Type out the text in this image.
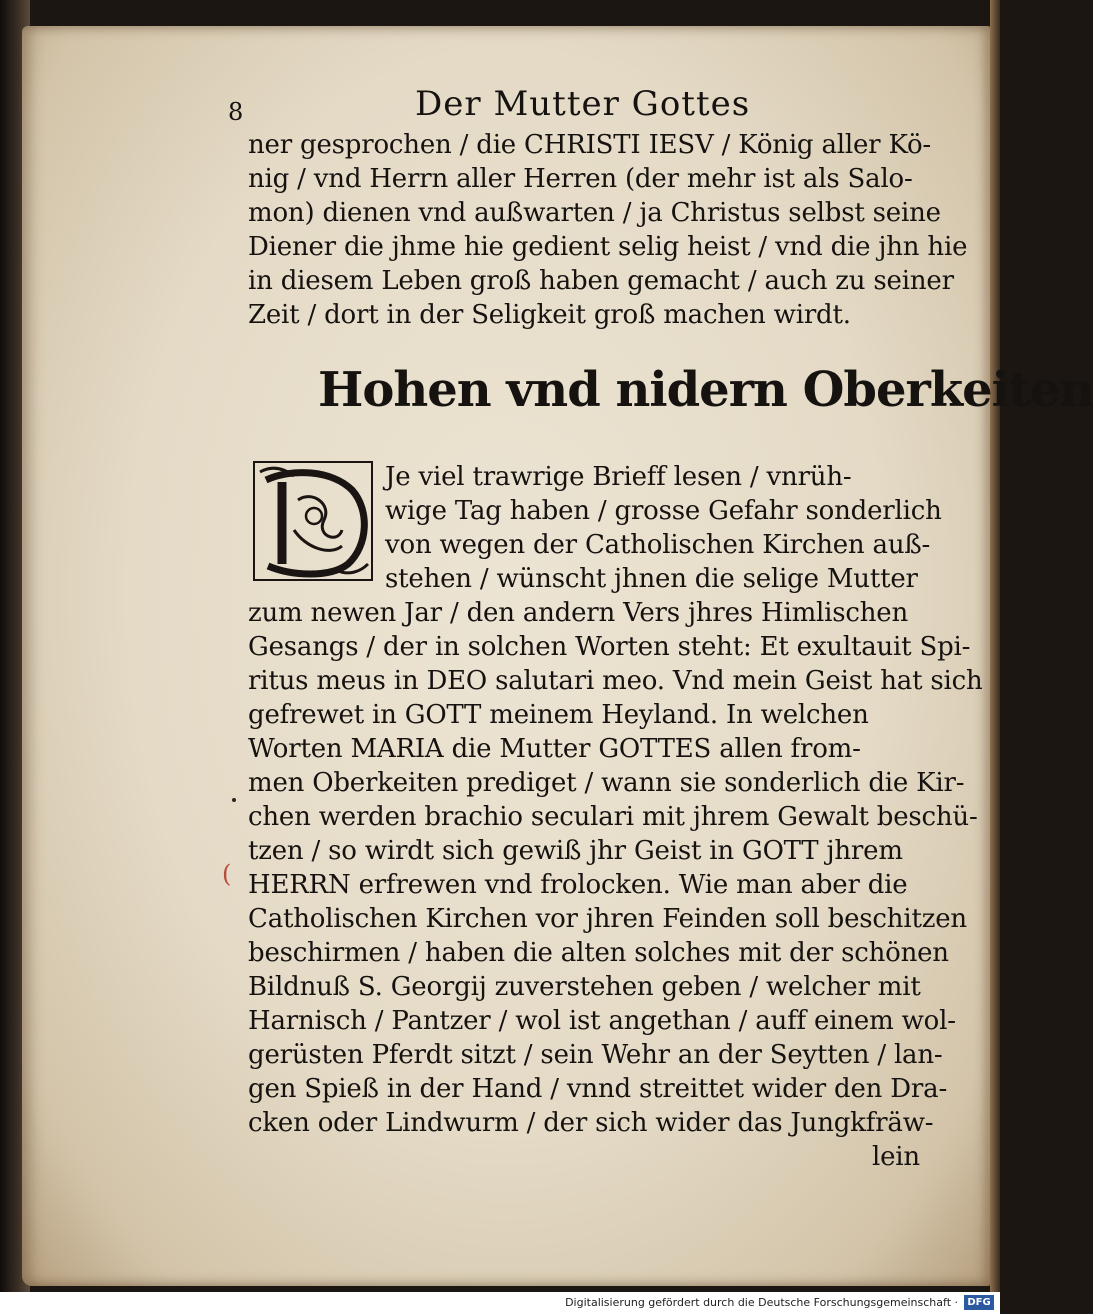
8	Der Mutter Gottes
ner gesprochen / die CHRISTI IESV / König aller Kö-
nig / vnd Herrn aller Herren (der mehr ist als Salo-
mon) dienen vnd außwarten / ja Christus selbst seine
Diener die jhme hie gedient selig heist / vnd die jhn hie
in diesem Leben groß haben gemacht / auch zu seiner
Zeit / dort in der Seligkeit groß machen wirdt.
Hohen vnd nidern Oberkeiten
D
Je viel trawrige Brieff lesen / vnrüh-
wige Tag haben / grosse Gefahr sonderlich
von wegen der Catholischen Kirchen auß-
stehen / wünscht jhnen die selige Mutter
zum newen Jar / den andern Vers jhres Himlischen
Gesangs / der in solchen Worten steht: Et exultauit Spi-
ritus meus in DEO salutari meo. Vnd mein Geist hat sich
gefrewet in GOTT meinem Heyland. In welchen
Worten MARIA die Mutter GOTTES allen from-
men Oberkeiten prediget / wann sie sonderlich die Kir-
chen werden brachio seculari mit jhrem Gewalt beschü-
tzen / so wirdt sich gewiß jhr Geist in GOTT jhrem
HERRN erfrewen vnd frolocken. Wie man aber die
Catholischen Kirchen vor jhren Feinden soll beschitzen
beschirmen / haben die alten solches mit der schönen
Bildnuß S. Georgij zuverstehen geben / welcher mit
Harnisch / Pantzer / wol ist angethan / auff einem wol-
gerüsten Pferdt sitzt / sein Wehr an der Seytten / lan-
gen Spieß in der Hand / vnnd streittet wider den Dra-
cken oder Lindwurm / der sich wider das Jungkfräw-
lein
(
Digitalisierung gefördert durch die Deutsche Forschungsgemeinschaft · DFG
